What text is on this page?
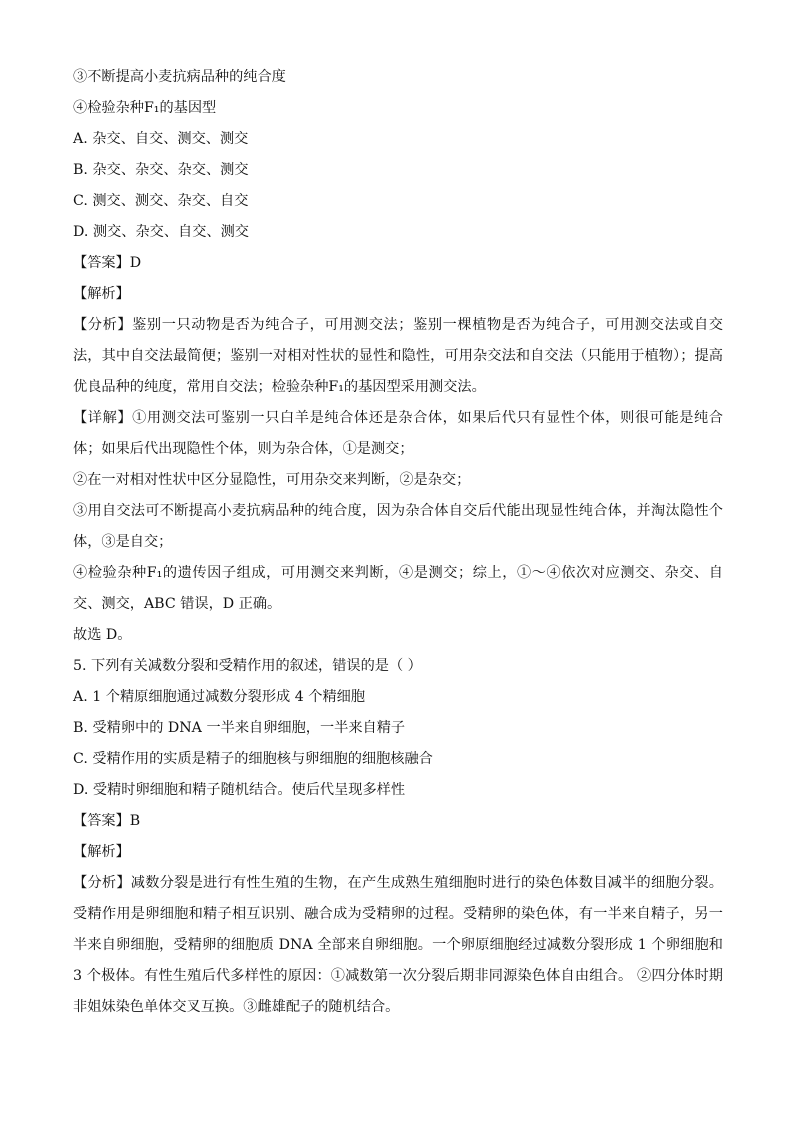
③不断提高小麦抗病品种的纯合度
④检验杂种F₁的基因型
A. 杂交、自交、测交、测交
B. 杂交、杂交、杂交、测交
C. 测交、测交、杂交、自交
D. 测交、杂交、自交、测交
【答案】D
【解析】
【分析】鉴别一只动物是否为纯合子，可用测交法；鉴别一棵植物是否为纯合子，可用测交法或自交法，其中自交法最简便；鉴别一对相对性状的显性和隐性，可用杂交法和自交法（只能用于植物）；提高优良品种的纯度，常用自交法；检验杂种F₁的基因型采用测交法。
【详解】①用测交法可鉴别一只白羊是纯合体还是杂合体，如果后代只有显性个体，则很可能是纯合体；如果后代出现隐性个体，则为杂合体，①是测交；
②在一对相对性状中区分显隐性，可用杂交来判断，②是杂交；
③用自交法可不断提高小麦抗病品种的纯合度，因为杂合体自交后代能出现显性纯合体，并淘汰隐性个体，③是自交；
④检验杂种F₁的遗传因子组成，可用测交来判断，④是测交；综上，①～④依次对应测交、杂交、自交、测交，ABC 错误，D 正确。
故选 D。
5. 下列有关减数分裂和受精作用的叙述，错误的是（ ）
A. 1 个精原细胞通过减数分裂形成 4 个精细胞
B. 受精卵中的 DNA 一半来自卵细胞，一半来自精子
C. 受精作用的实质是精子的细胞核与卵细胞的细胞核融合
D. 受精时卵细胞和精子随机结合。使后代呈现多样性
【答案】B
【解析】
【分析】减数分裂是进行有性生殖的生物，在产生成熟生殖细胞时进行的染色体数目减半的细胞分裂。受精作用是卵细胞和精子相互识别、融合成为受精卵的过程。受精卵的染色体，有一半来自精子，另一半来自卵细胞，受精卵的细胞质 DNA 全部来自卵细胞。一个卵原细胞经过减数分裂形成 1 个卵细胞和 3 个极体。有性生殖后代多样性的原因：①减数第一次分裂后期非同源染色体自由组合。 ②四分体时期非姐妹染色单体交叉互换。③雌雄配子的随机结合。
